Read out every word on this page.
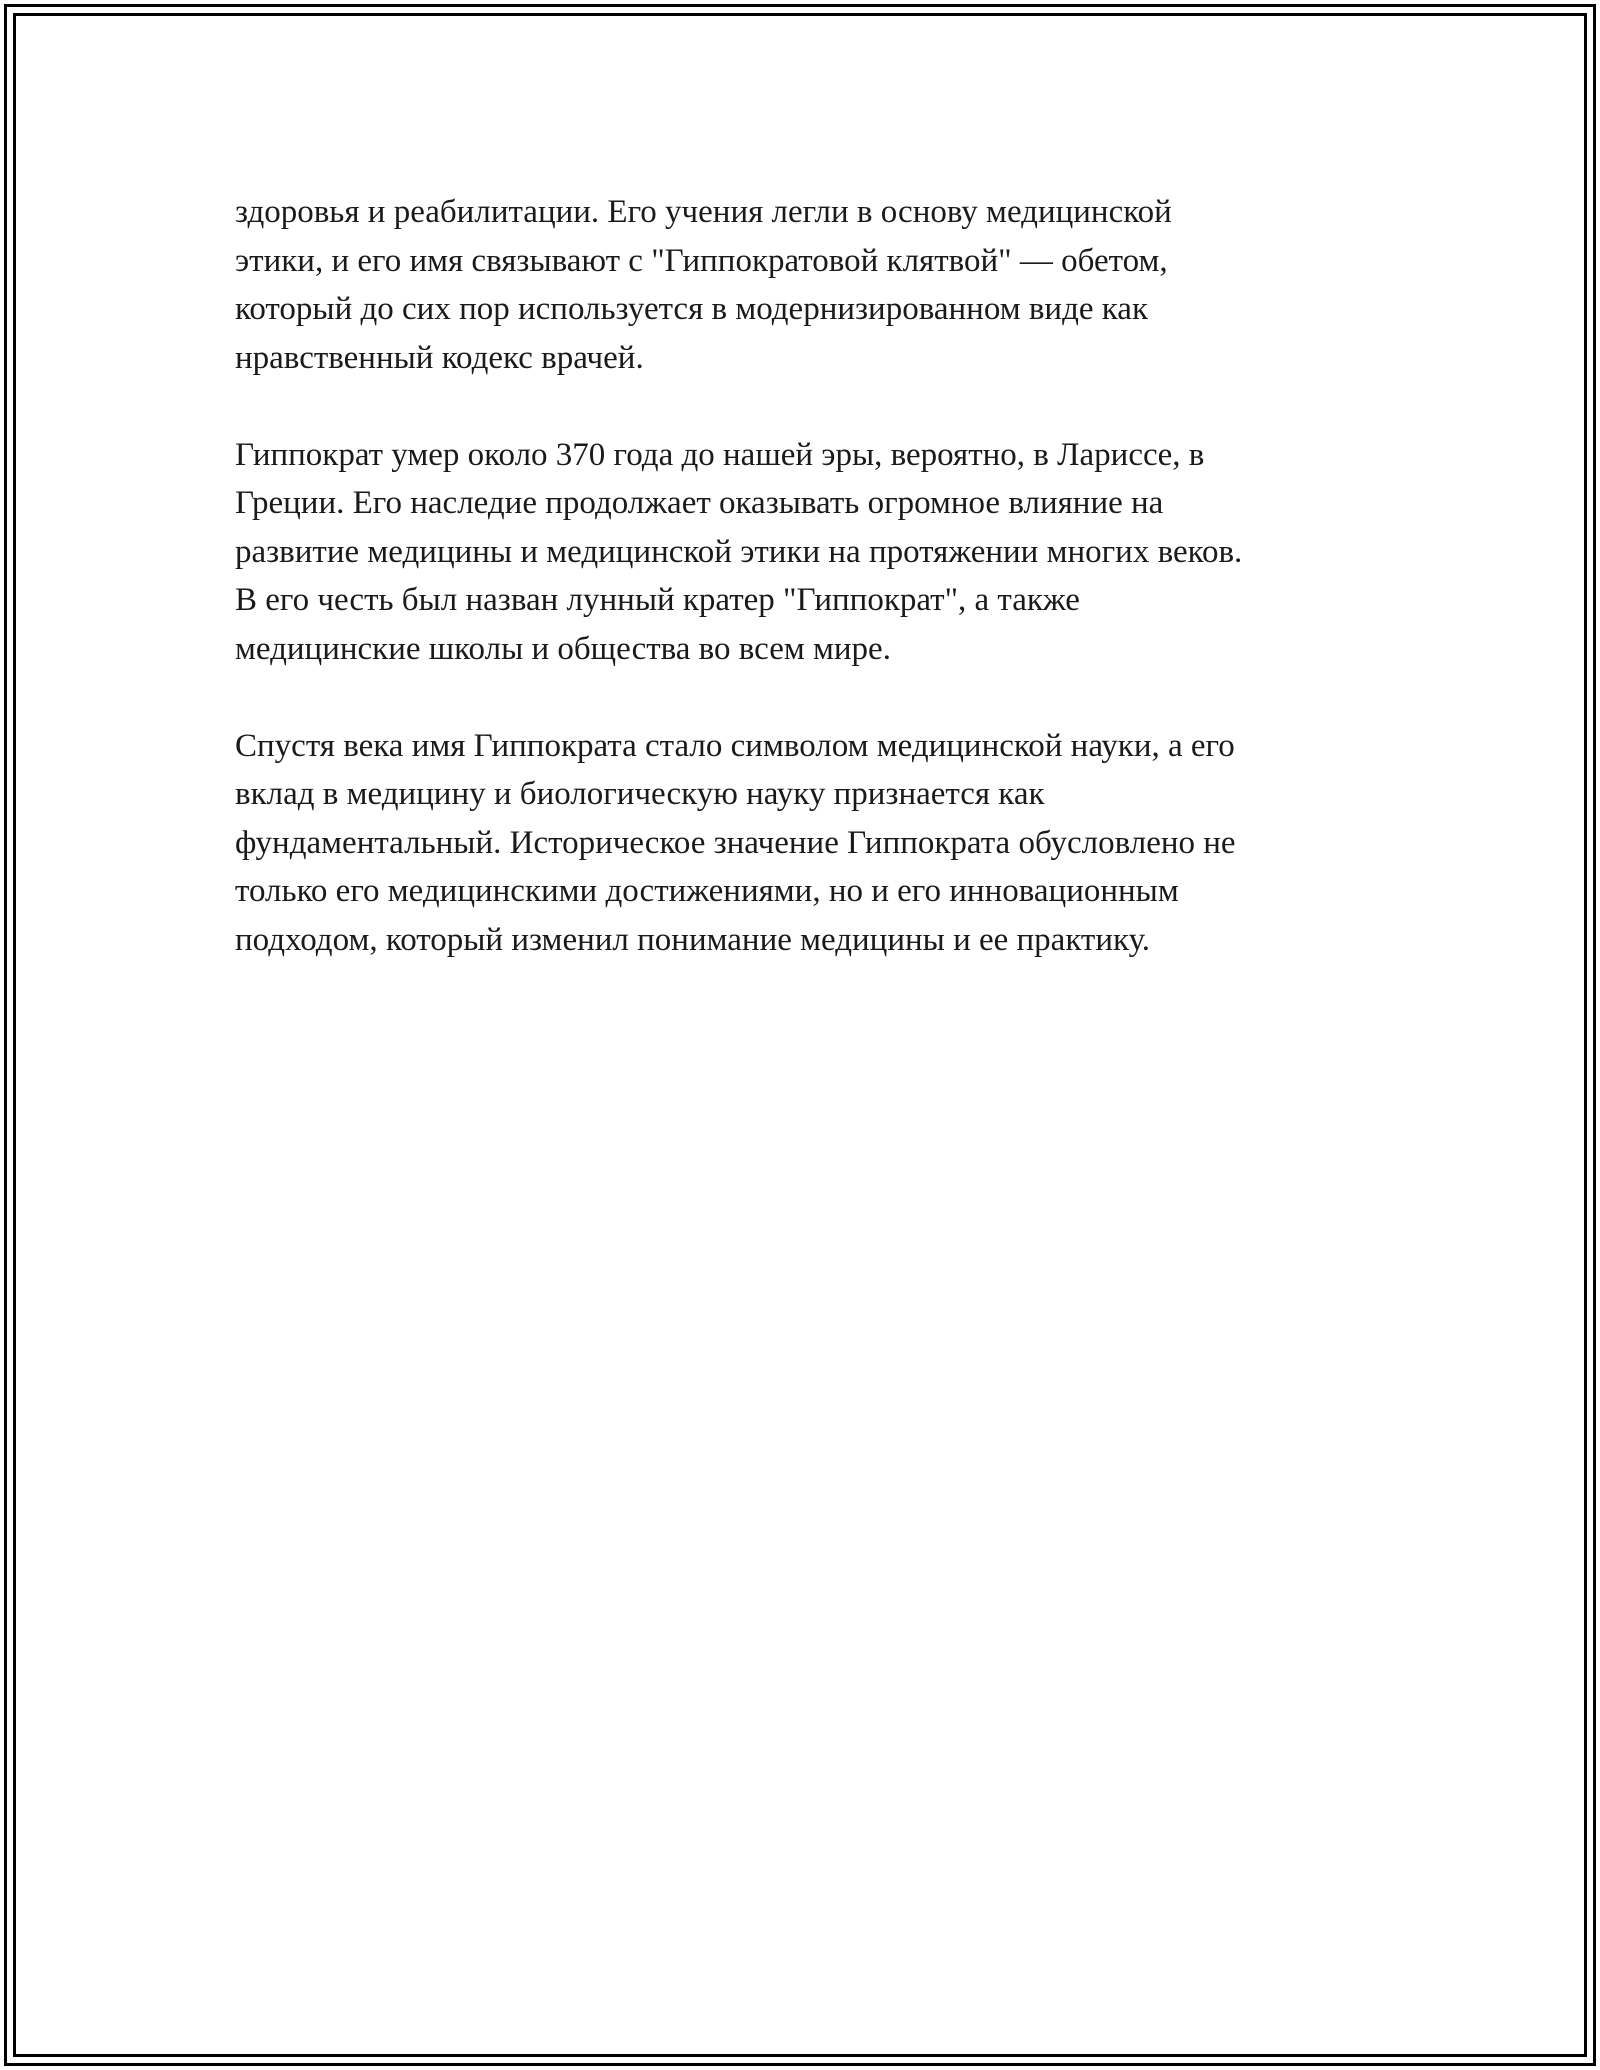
здоровья и реабилитации. Его учения легли в основу медицинской
этики, и его имя связывают с "Гиппократовой клятвой" — обетом,
который до сих пор используется в модернизированном виде как
нравственный кодекс врачей.

Гиппократ умер около 370 года до нашей эры, вероятно, в Ларисcе, в
Греции. Его наследие продолжает оказывать огромное влияние на
развитие медицины и медицинской этики на протяжении многих веков.
В его честь был назван лунный кратер "Гиппократ", а также
медицинские школы и общества во всем мире.

Спустя века имя Гиппократа стало символом медицинской науки, а его
вклад в медицину и биологическую науку признается как
фундаментальный. Историческое значение Гиппократа обусловлено не
только его медицинскими достижениями, но и его инновационным
подходом, который изменил понимание медицины и ее практику.
